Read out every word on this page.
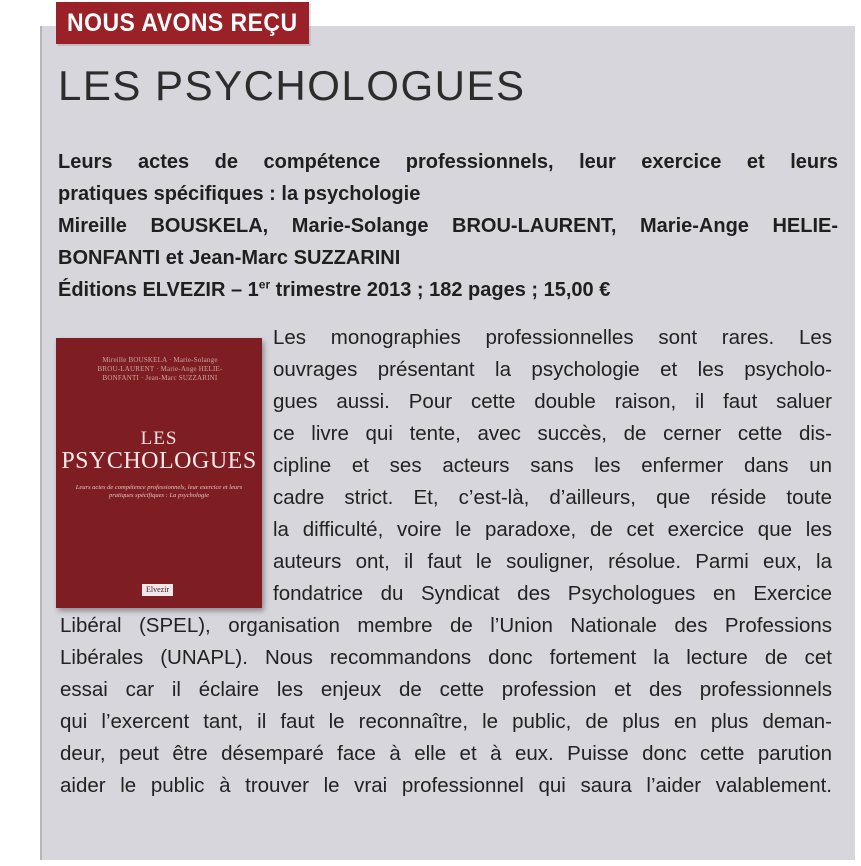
NOUS AVONS REÇU
LES PSYCHOLOGUES
Leurs actes de compétence professionnels, leur exercice et leurs
pratiques spécifiques : la psychologie
Mireille BOUSKELA, Marie-Solange BROU-LAURENT, Marie-Ange HELIE-
BONFANTI et Jean-Marc SUZZARINI
Éditions ELVEZIR – 1er trimestre 2013 ; 182 pages ; 15,00 €
Mireille BOUSKELA · Marie-Solange BROU-LAURENT · Marie-Ange HELIE-BONFANTI · Jean-Marc SUZZARINI
LES
PSYCHOLOGUES
Leurs actes de compétence professionnels, leur exercice et leurs pratiques spécifiques : La psychologie
Elvezir
Les monographies professionnelles sont rares. Les
ouvrages présentant la psychologie et les psycholo-
gues aussi. Pour cette double raison, il faut saluer
ce livre qui tente, avec succès, de cerner cette dis-
cipline et ses acteurs sans les enfermer dans un
cadre strict. Et, c’est-là, d’ailleurs, que réside toute
la difficulté, voire le paradoxe, de cet exercice que les
auteurs ont, il faut le souligner, résolue. Parmi eux, la
fondatrice du Syndicat des Psychologues en Exercice
Libéral (SPEL), organisation membre de l’Union Nationale des Professions
Libérales (UNAPL). Nous recommandons donc fortement la lecture de cet
essai car il éclaire les enjeux de cette profession et des professionnels
qui l’exercent tant, il faut le reconnaître, le public, de plus en plus deman-
deur, peut être désemparé face à elle et à eux. Puisse donc cette parution
aider le public à trouver le vrai professionnel qui saura l’aider valablement.
